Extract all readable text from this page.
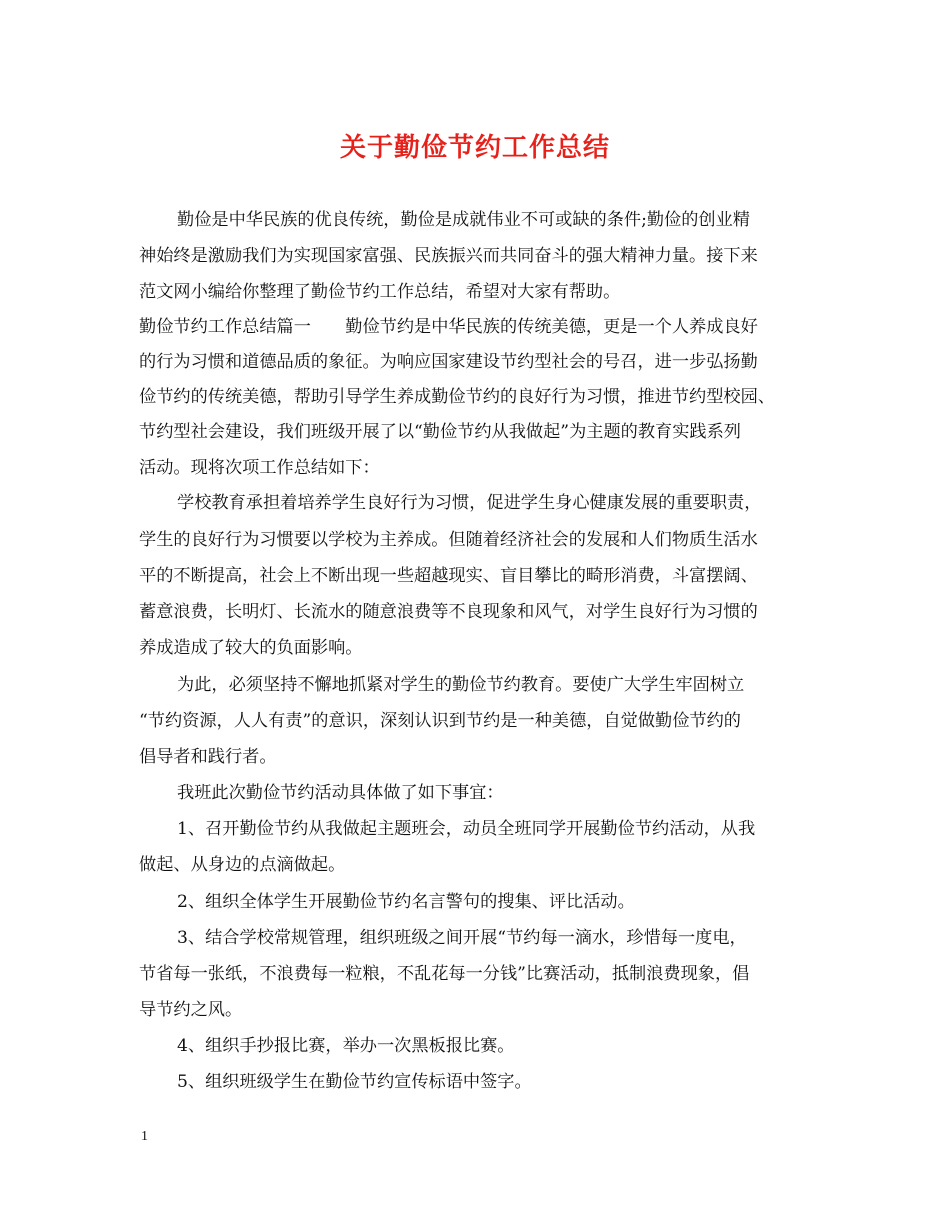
关于勤俭节约工作总结

勤俭是中华民族的优良传统，勤俭是成就伟业不可或缺的条件;勤俭的创业精

神始终是激励我们为实现国家富强、民族振兴而共同奋斗的强大精神力量。接下来

范文网小编给你整理了勤俭节约工作总结，希望对大家有帮助。

勤俭节约工作总结篇一　　勤俭节约是中华民族的传统美德，更是一个人养成良好

的行为习惯和道德品质的象征。为响应国家建设节约型社会的号召，进一步弘扬勤

俭节约的传统美德，帮助引导学生养成勤俭节约的良好行为习惯，推进节约型校园、

节约型社会建设，我们班级开展了以“勤俭节约从我做起”为主题的教育实践系列

活动。现将次项工作总结如下：

学校教育承担着培养学生良好行为习惯，促进学生身心健康发展的重要职责，

学生的良好行为习惯要以学校为主养成。但随着经济社会的发展和人们物质生活水

平的不断提高，社会上不断出现一些超越现实、盲目攀比的畸形消费，斗富摆阔、

蓄意浪费，长明灯、长流水的随意浪费等不良现象和风气，对学生良好行为习惯的

养成造成了较大的负面影响。

为此，必须坚持不懈地抓紧对学生的勤俭节约教育。要使广大学生牢固树立

“节约资源，人人有责”的意识，深刻认识到节约是一种美德，自觉做勤俭节约的

倡导者和践行者。

我班此次勤俭节约活动具体做了如下事宜：

1、召开勤俭节约从我做起主题班会，动员全班同学开展勤俭节约活动，从我

做起、从身边的点滴做起。

2、组织全体学生开展勤俭节约名言警句的搜集、评比活动。

3、结合学校常规管理，组织班级之间开展“节约每一滴水，珍惜每一度电，

节省每一张纸，不浪费每一粒粮，不乱花每一分钱”比赛活动，抵制浪费现象，倡

导节约之风。

4、组织手抄报比赛，举办一次黑板报比赛。

5、组织班级学生在勤俭节约宣传标语中签字。

1
